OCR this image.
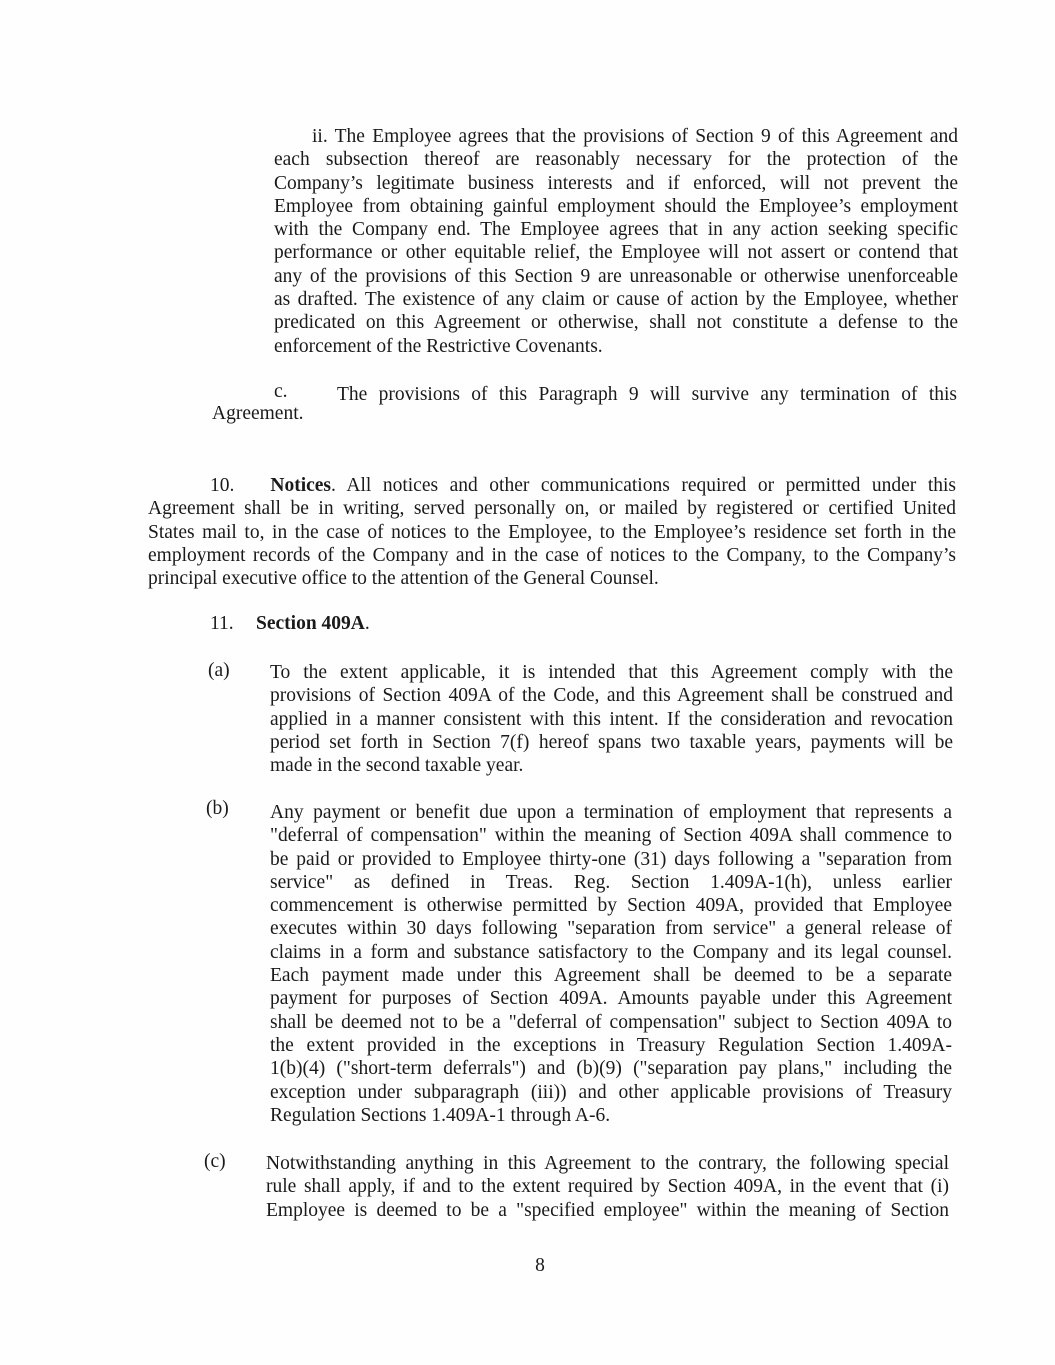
ii. The Employee agrees that the provisions of Section 9 of this Agreement and
each subsection thereof are reasonably necessary for the protection of the
Company’s legitimate business interests and if enforced, will not prevent the
Employee from obtaining gainful employment should the Employee’s employment
with the Company end. The Employee agrees that in any action seeking specific
performance or other equitable relief, the Employee will not assert or contend that
any of the provisions of this Section 9 are unreasonable or otherwise unenforceable
as drafted. The existence of any claim or cause of action by the Employee, whether
predicated on this Agreement or otherwise, shall not constitute a defense to the
enforcement of the Restrictive Covenants.
c.	The provisions of this Paragraph 9 will survive any termination of this
Agreement.
10. Notices. All notices and other communications required or permitted under this
Agreement shall be in writing, served personally on, or mailed by registered or certified United
States mail to, in the case of notices to the Employee, to the Employee’s residence set forth in the
employment records of the Company and in the case of notices to the Company, to the Company’s
principal executive office to the attention of the General Counsel.
11. Section 409A.
(a) To the extent applicable, it is intended that this Agreement comply with the
provisions of Section 409A of the Code, and this Agreement shall be construed and
applied in a manner consistent with this intent. If the consideration and revocation
period set forth in Section 7(f) hereof spans two taxable years, payments will be
made in the second taxable year.
(b) Any payment or benefit due upon a termination of employment that represents a
"deferral of compensation" within the meaning of Section 409A shall commence to
be paid or provided to Employee thirty-one (31) days following a "separation from
service" as defined in Treas. Reg. Section 1.409A-1(h), unless earlier
commencement is otherwise permitted by Section 409A, provided that Employee
executes within 30 days following "separation from service" a general release of
claims in a form and substance satisfactory to the Company and its legal counsel.
Each payment made under this Agreement shall be deemed to be a separate
payment for purposes of Section 409A. Amounts payable under this Agreement
shall be deemed not to be a "deferral of compensation" subject to Section 409A to
the extent provided in the exceptions in Treasury Regulation Section 1.409A-
1(b)(4) ("short-term deferrals") and (b)(9) ("separation pay plans," including the
exception under subparagraph (iii)) and other applicable provisions of Treasury
Regulation Sections 1.409A-1 through A-6.
(c) Notwithstanding anything in this Agreement to the contrary, the following special
rule shall apply, if and to the extent required by Section 409A, in the event that (i)
Employee is deemed to be a "specified employee" within the meaning of Section
8
